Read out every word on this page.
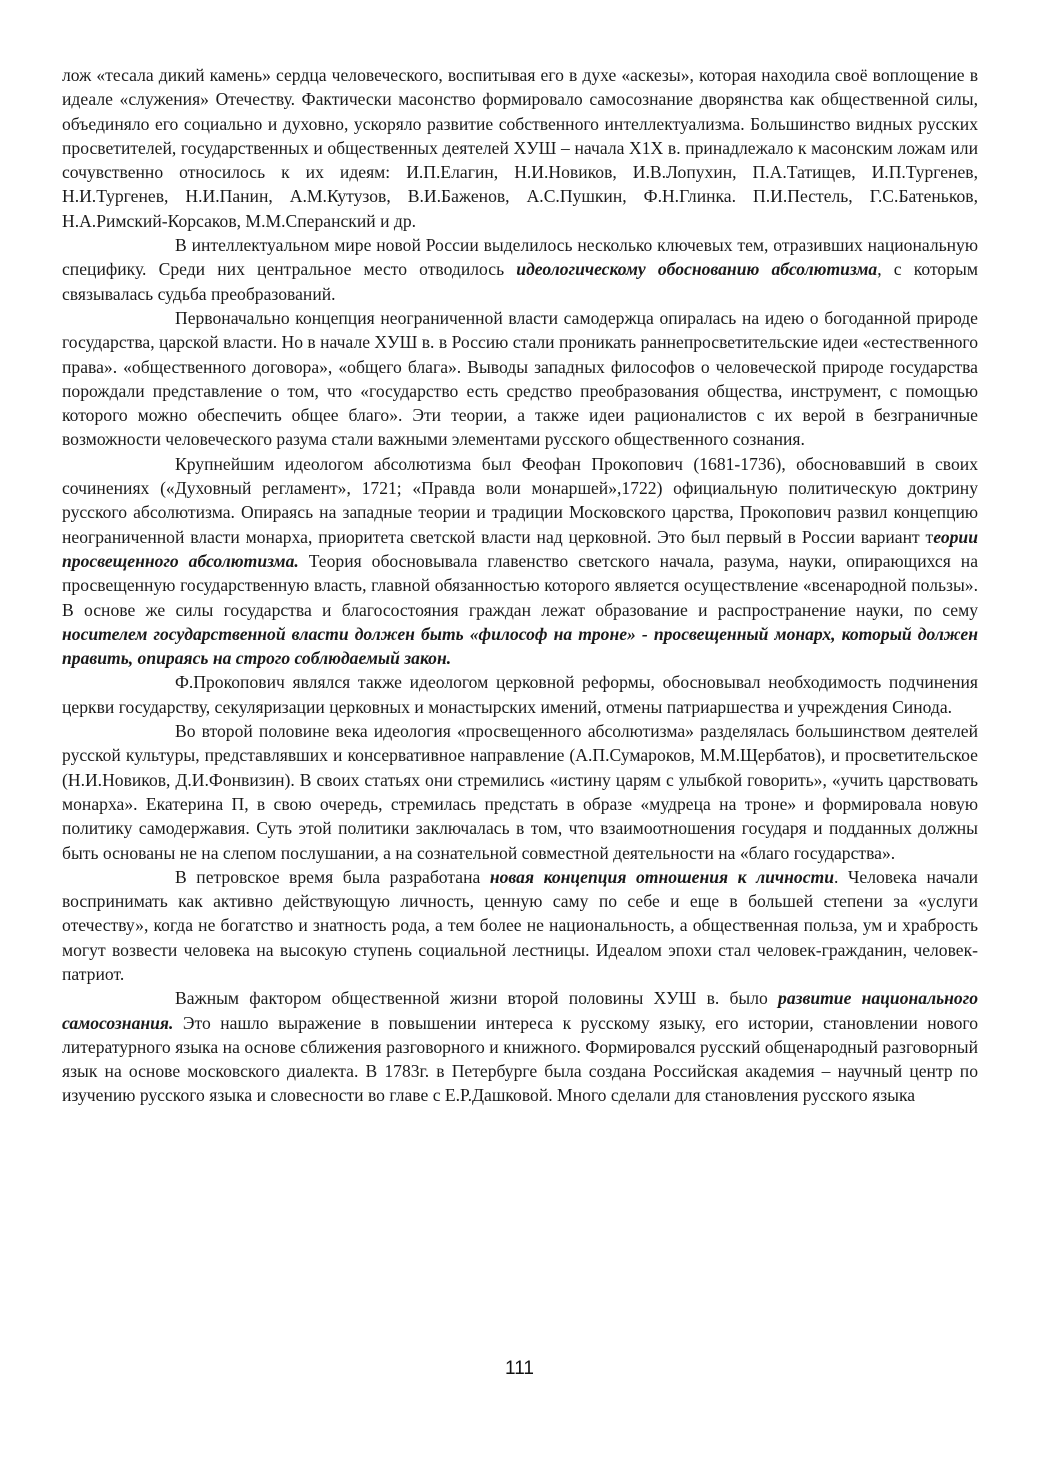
лож «тесала дикий камень» сердца человеческого, воспитывая его в духе «аскезы», которая находила своё воплощение в идеале «служения» Отечеству. Фактически масонство формировало самосознание дворянства как общественной силы, объединяло его социально и духовно, ускоряло развитие собственного интеллектуализма. Большинство видных русских просветителей, государственных и общественных деятелей ХУШ – начала Х1Х в. принадлежало к масонским ложам или сочувственно относилось к их идеям: И.П.Елагин, Н.И.Новиков, И.В.Лопухин, П.А.Татищев, И.П.Тургенев, Н.И.Тургенев, Н.И.Панин, А.М.Кутузов, В.И.Баженов, А.С.Пушкин, Ф.Н.Глинка. П.И.Пестель, Г.С.Батеньков, Н.А.Римский-Корсаков, М.М.Сперанский и др.

В интеллектуальном мире новой России выделилось несколько ключевых тем, отразивших национальную специфику. Среди них центральное место отводилось идеологическому обоснованию абсолютизма, с которым связывалась судьба преобразований.

Первоначально концепция неограниченной власти самодержца опиралась на идею о богоданной природе государства, царской власти. Но в начале ХУШ в. в Россию стали проникать раннепросветительские идеи «естественного права». «общественного договора», «общего блага». Выводы западных философов о человеческой природе государства порождали представление о том, что «государство есть средство преобразования общества, инструмент, с помощью которого можно обеспечить общее благо». Эти теории, а также идеи рационалистов с их верой в безграничные возможности человеческого разума стали важными элементами русского общественного сознания.

Крупнейшим идеологом абсолютизма был Феофан Прокопович (1681-1736), обосновавший в своих сочинениях («Духовный регламент», 1721; «Правда воли монаршей»,1722) официальную политическую доктрину русского абсолютизма. Опираясь на западные теории и традиции Московского царства, Прокопович развил концепцию неограниченной власти монарха, приоритета светской власти над церковной. Это был первый в России вариант теории просвещенного абсолютизма. Теория обосновывала главенство светского начала, разума, науки, опирающихся на просвещенную государственную власть, главной обязанностью которого является осуществление «всенародной пользы». В основе же силы государства и благосостояния граждан лежат образование и распространение науки, по сему носителем государственной власти должен быть «философ на троне» - просвещенный монарх, который должен править, опираясь на строго соблюдаемый закон.

Ф.Прокопович являлся также идеологом церковной реформы, обосновывал необходимость подчинения церкви государству, секуляризации церковных и монастырских имений, отмены патриаршества и учреждения Синода.

Во второй половине века идеология «просвещенного абсолютизма» разделялась большинством деятелей русской культуры, представлявших и консервативное направление (А.П.Сумароков, М.М.Щербатов), и просветительское (Н.И.Новиков, Д.И.Фонвизин). В своих статьях они стремились «истину царям с улыбкой говорить», «учить царствовать монарха». Екатерина П, в свою очередь, стремилась предстать в образе «мудреца на троне» и формировала новую политику самодержавия. Суть этой политики заключалась в том, что взаимоотношения государя и подданных должны быть основаны не на слепом послушании, а на сознательной совместной деятельности на «благо государства».

В петровское время была разработана новая концепция отношения к личности. Человека начали воспринимать как активно действующую личность, ценную саму по себе и еще в большей степени за «услуги отечеству», когда не богатство и знатность рода, а тем более не национальность, а общественная польза, ум и храбрость могут возвести человека на высокую ступень социальной лестницы. Идеалом эпохи стал человек-гражданин, человек-патриот.

Важным фактором общественной жизни второй половины ХУШ в. было развитие национального самосознания. Это нашло выражение в повышении интереса к русскому языку, его истории, становлении нового литературного языка на основе сближения разговорного и книжного. Формировался русский общенародный разговорный язык на основе московского диалекта. В 1783г. в Петербурге была создана Российская академия – научный центр по изучению русского языка и словесности во главе с Е.Р.Дашковой. Много сделали для становления русского языка

111
